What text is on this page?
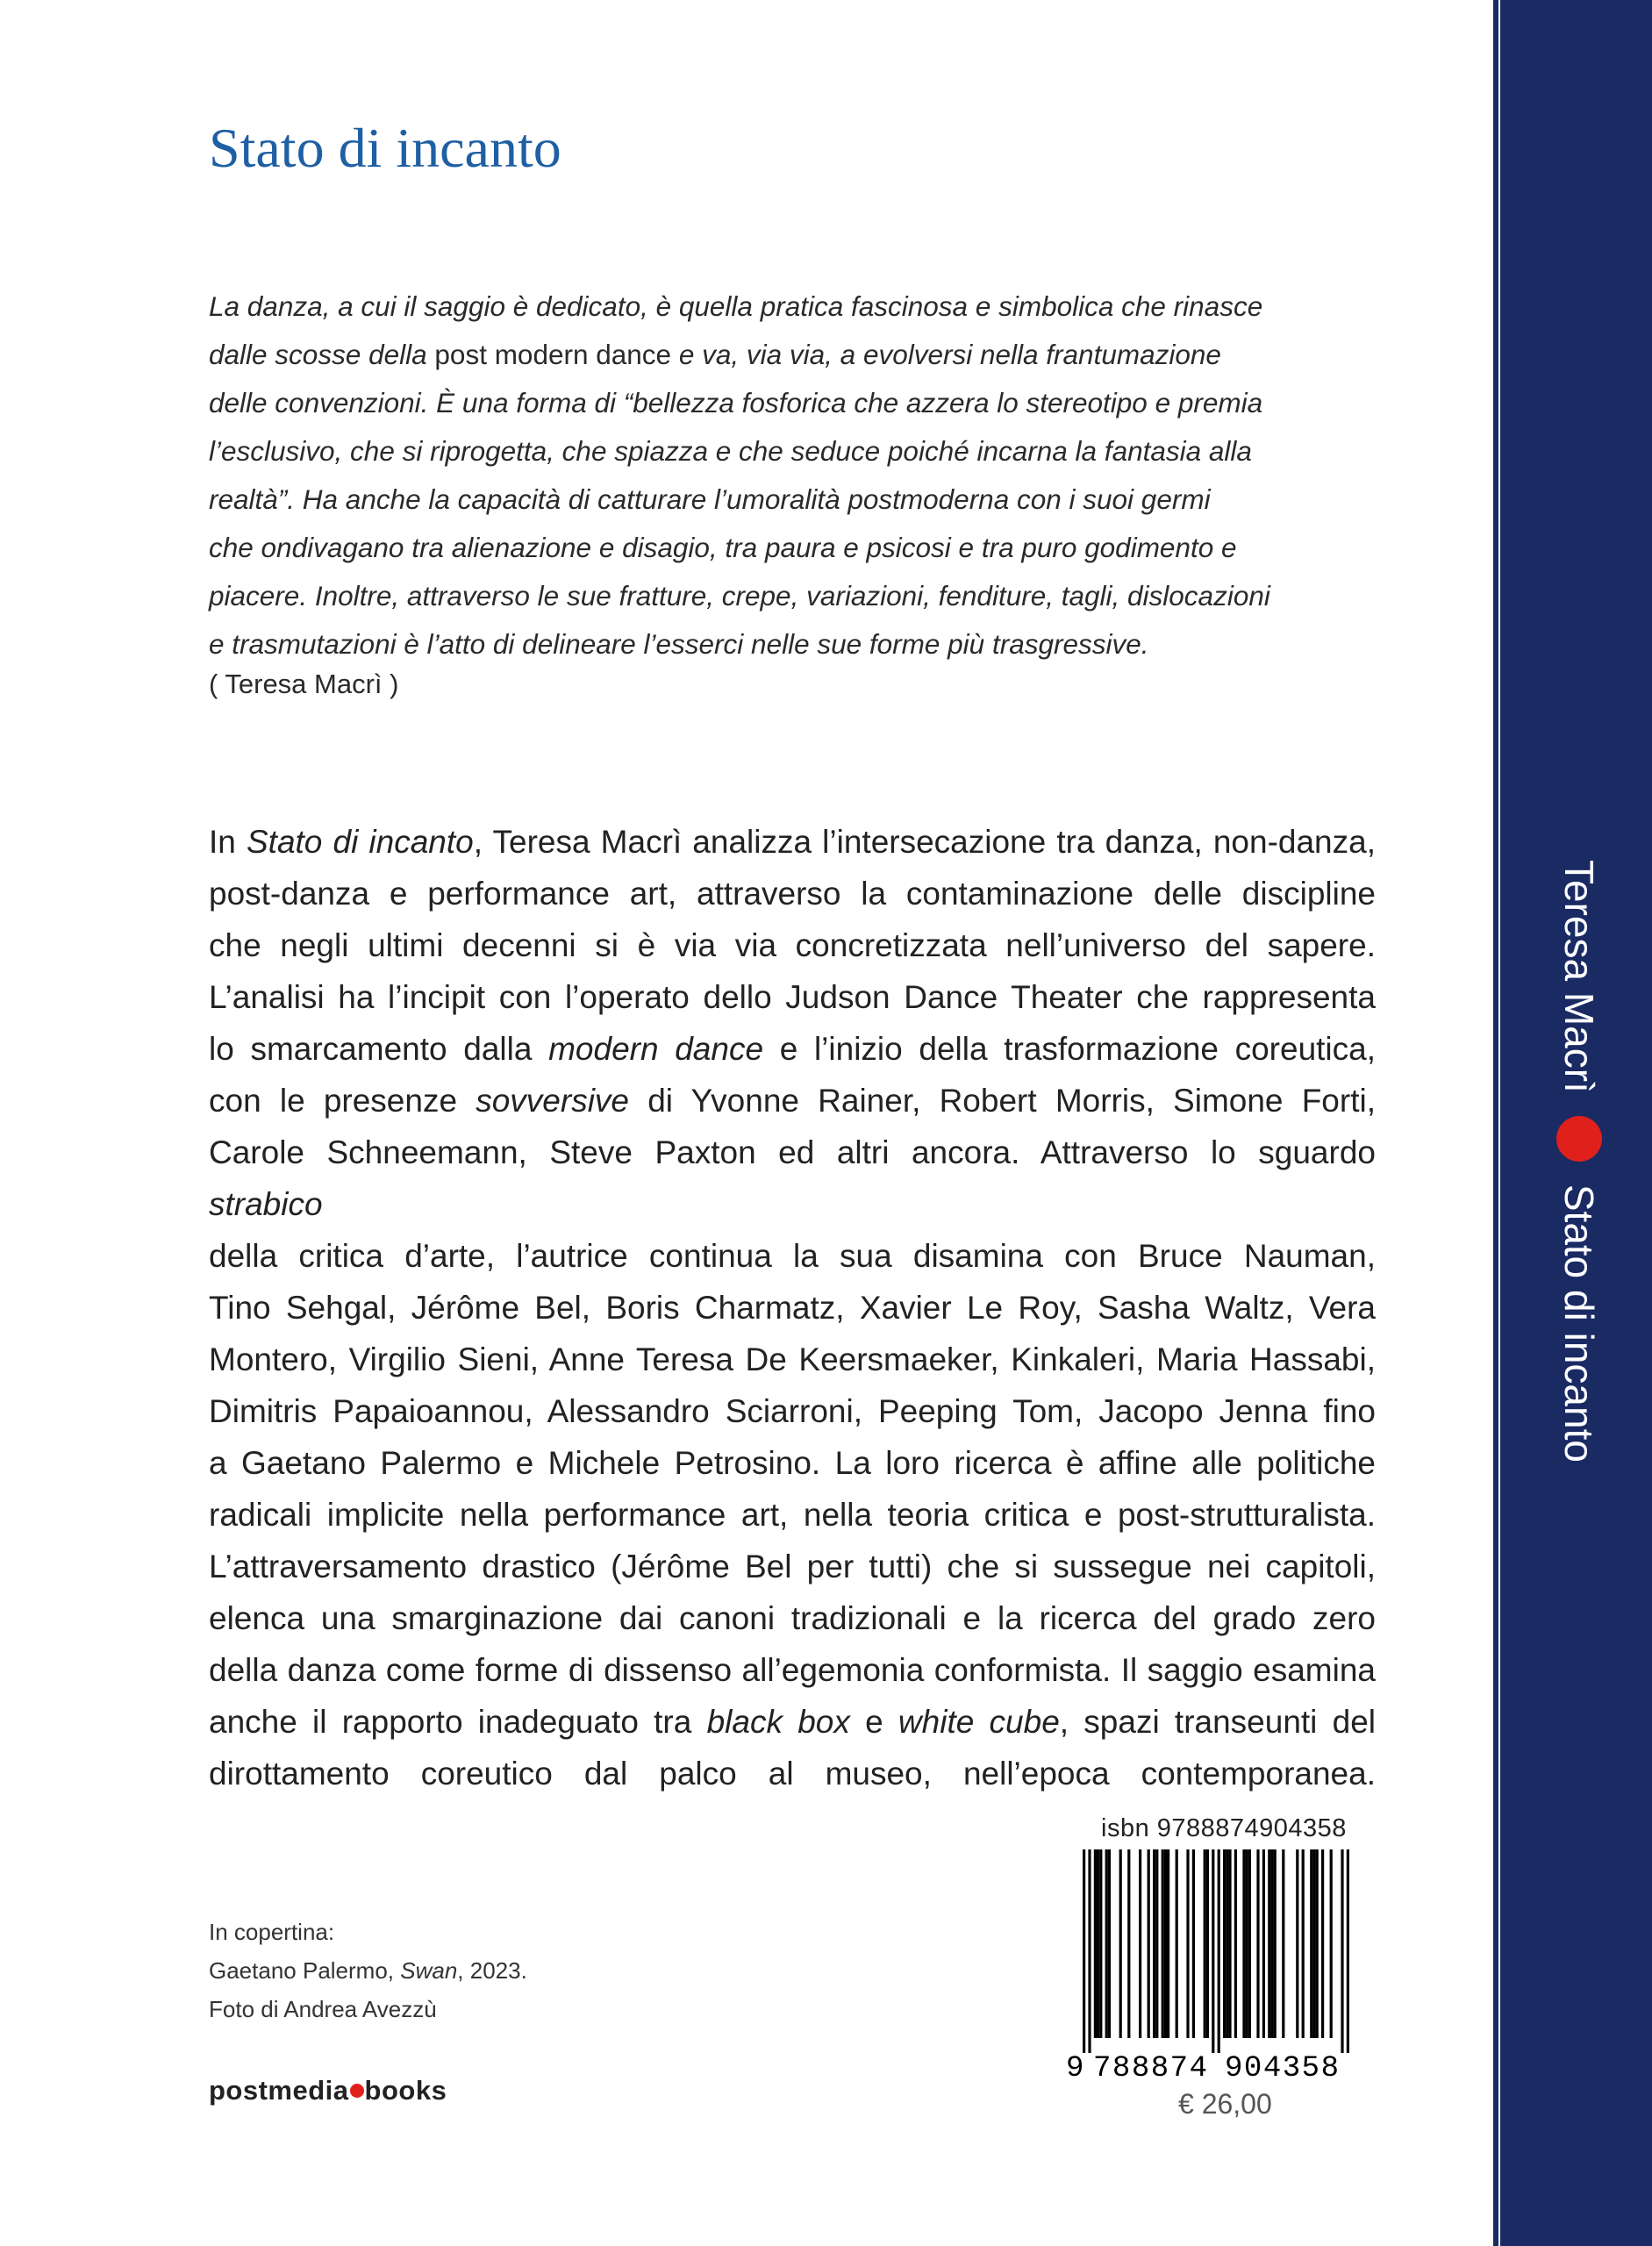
Stato di incanto
La danza, a cui il saggio è dedicato, è quella pratica fascinosa e simbolica che rinasce
dalle scosse della post modern dance e va, via via, a evolversi nella frantumazione
delle convenzioni. È una forma di “bellezza fosforica che azzera lo stereotipo e premia
l’esclusivo, che si riprogetta, che spiazza e che seduce poiché incarna la fantasia alla
realtà”. Ha anche la capacità di catturare l’umoralità postmoderna con i suoi germi
che ondivagano tra alienazione e disagio, tra paura e psicosi e tra puro godimento e
piacere. Inoltre, attraverso le sue fratture, crepe, variazioni, fenditure, tagli, dislocazioni
e trasmutazioni è l’atto di delineare l’esserci nelle sue forme più trasgressive.
( Teresa Macrì )
In Stato di incanto, Teresa Macrì analizza l’intersecazione tra danza, non-danza,
post-danza e performance art, attraverso la contaminazione delle discipline
che negli ultimi decenni si è via via concretizzata nell’universo del sapere.
L’analisi ha l’incipit con l’operato dello Judson Dance Theater che rappresenta
lo smarcamento dalla modern dance e l’inizio della trasformazione coreutica,
con le presenze sovversive di Yvonne Rainer, Robert Morris, Simone Forti,
Carole Schneemann, Steve Paxton ed altri ancora. Attraverso lo sguardo strabico
della critica d’arte, l’autrice continua la sua disamina con Bruce Nauman,
Tino Sehgal, Jérôme Bel, Boris Charmatz, Xavier Le Roy, Sasha Waltz, Vera
Montero, Virgilio Sieni, Anne Teresa De Keersmaeker, Kinkaleri, Maria Hassabi,
Dimitris Papaioannou, Alessandro Sciarroni, Peeping Tom, Jacopo Jenna fino
a Gaetano Palermo e Michele Petrosino. La loro ricerca è affine alle politiche
radicali implicite nella performance art, nella teoria critica e post-strutturalista.
L’attraversamento drastico (Jérôme Bel per tutti) che si sussegue nei capitoli,
elenca una smarginazione dai canoni tradizionali e la ricerca del grado zero
della danza come forme di dissenso all’egemonia conformista. Il saggio esamina
anche il rapporto inadeguato tra black box e white cube, spazi transeunti del
dirottamento coreutico dal palco al museo, nell’epoca contemporanea.
In copertina:
Gaetano Palermo, Swan, 2023.
Foto di Andrea Avezzù
postmedia books
isbn 9788874904358
9 788874 904358
€ 26,00
Teresa Macrì
Stato di incanto
